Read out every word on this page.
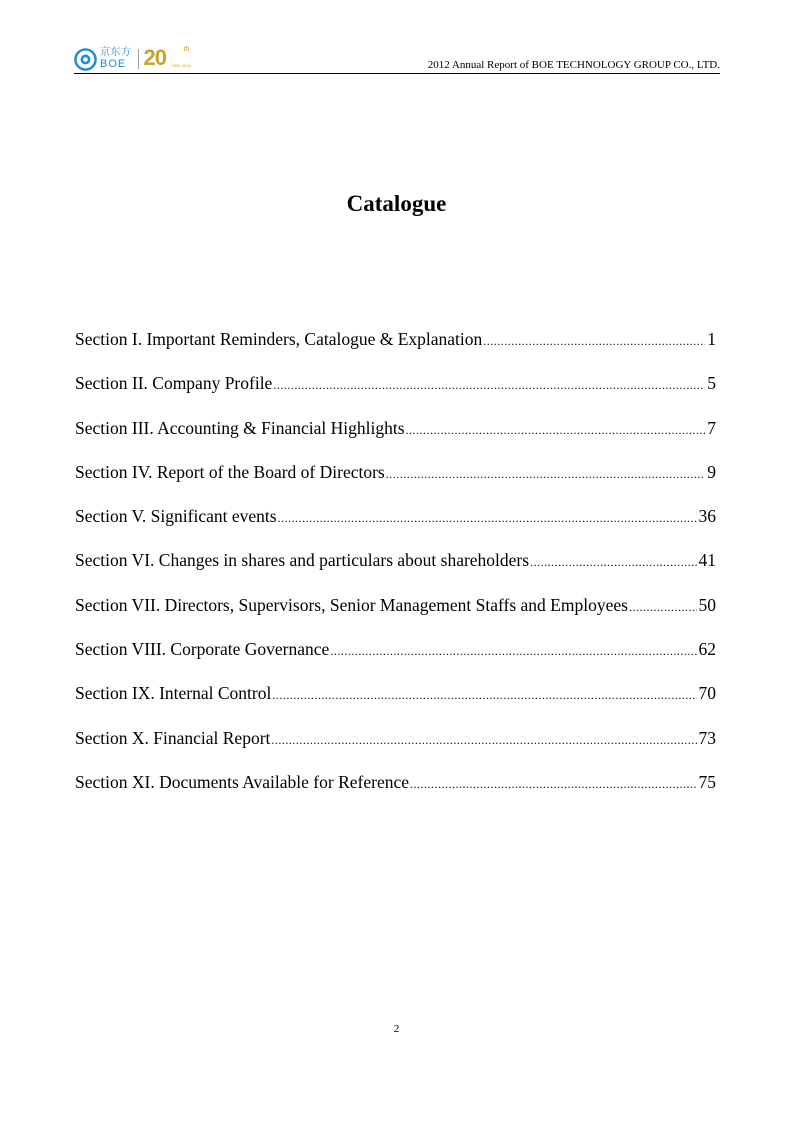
京东方
BOE 20	th
1993-2013	2012 Annual Report of BOE TECHNOLOGY GROUP CO., LTD.
Catalogue
Section I. Important Reminders, Catalogue & Explanation .....	1
Section II. Company Profile .....	5
Section III. Accounting & Financial Highlights .....	7
Section IV. Report of the Board of Directors .....	9
Section V. Significant events .....	36
Section VI. Changes in shares and particulars about shareholders .....	41
Section VII. Directors, Supervisors, Senior Management Staffs and Employees .....	50
Section VIII. Corporate Governance .....	62
Section IX. Internal Control .....	70
Section X. Financial Report .....	73
Section XI. Documents Available for Reference .....	75
2
